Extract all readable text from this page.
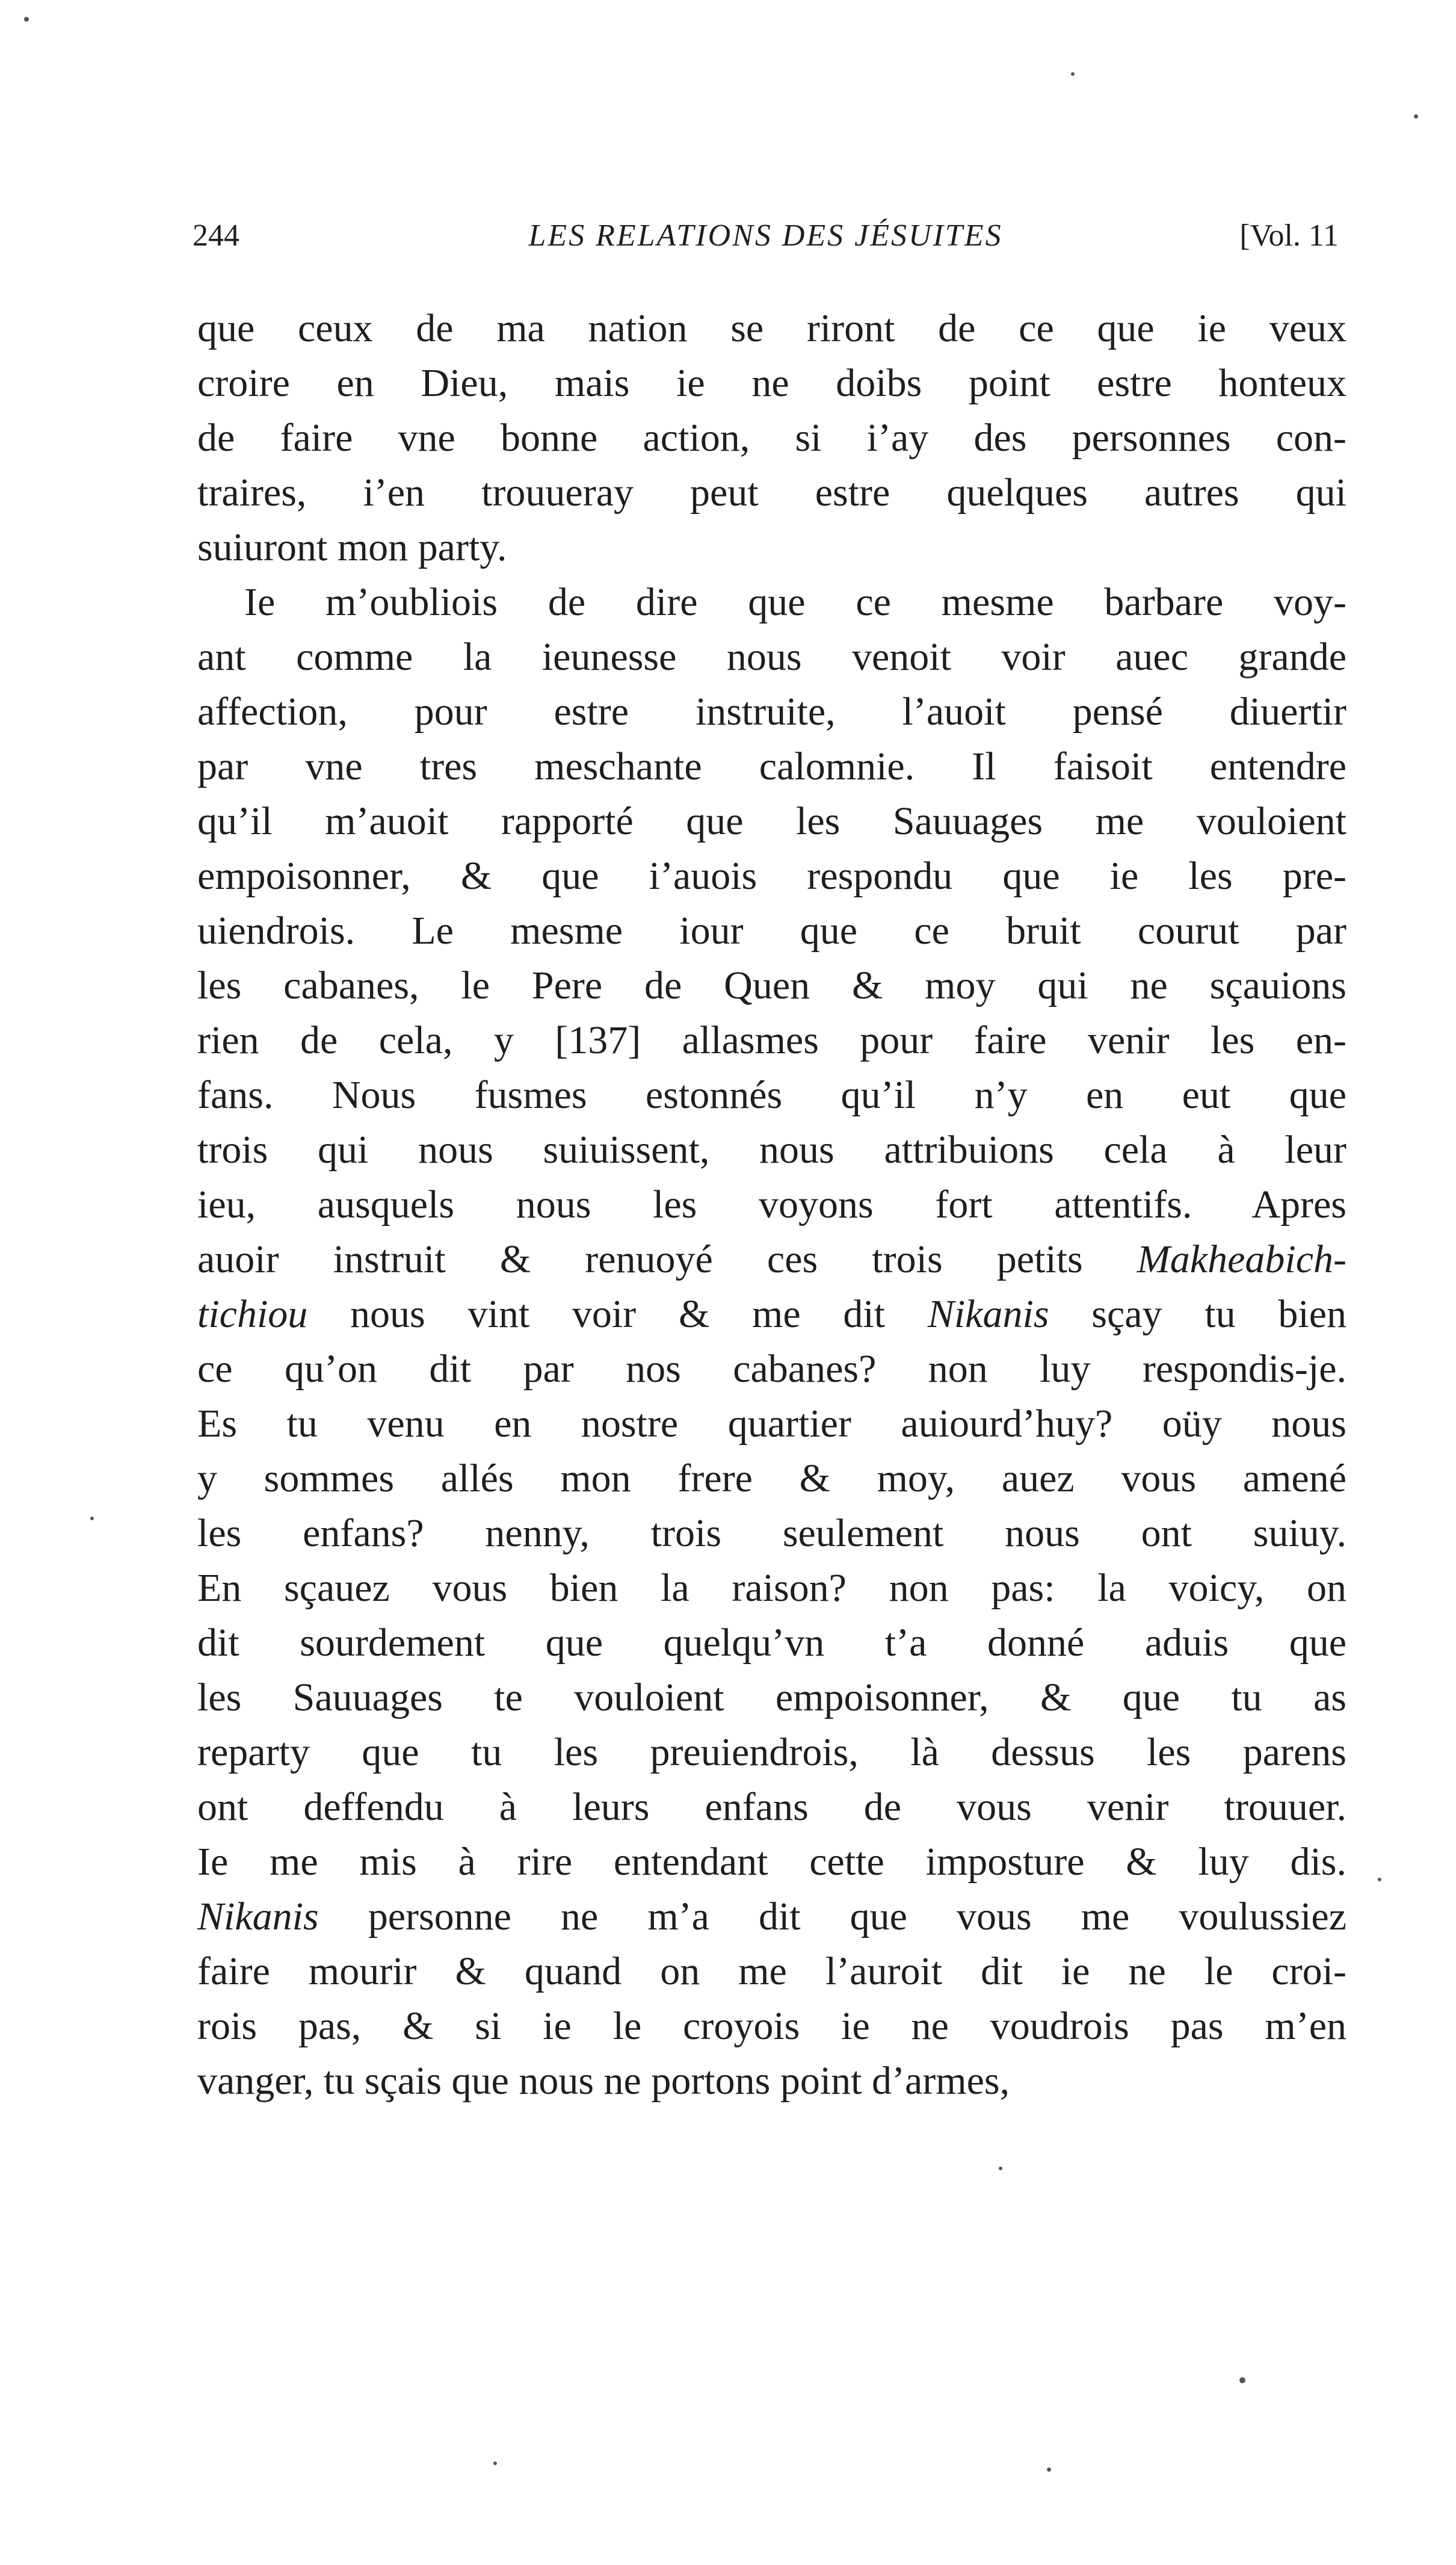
244	LES RELATIONS DES JÉSUITES	[Vol. 11
que ceux de ma nation se riront de ce que ie veux
croire en Dieu, mais ie ne doibs point estre honteux
de faire vne bonne action, si i’ay des personnes con-
traires, i’en trouueray peut estre quelques autres qui
suiuront mon party.
Ie m’oubliois de dire que ce mesme barbare voy-
ant comme la ieunesse nous venoit voir auec grande
affection, pour estre instruite, l’auoit pensé diuertir
par vne tres meschante calomnie. Il faisoit entendre
qu’il m’auoit rapporté que les Sauuages me vouloient
empoisonner, & que i’auois respondu que ie les pre-
uiendrois. Le mesme iour que ce bruit courut par
les cabanes, le Pere de Quen & moy qui ne sçauions
rien de cela, y [137] allasmes pour faire venir les en-
fans. Nous fusmes estonnés qu’il n’y en eut que
trois qui nous suiuissent, nous attribuions cela à leur
ieu, ausquels nous les voyons fort attentifs. Apres
auoir instruit & renuoyé ces trois petits Makheabich-
tichiou nous vint voir & me dit Nikanis sçay tu bien
ce qu’on dit par nos cabanes? non luy respondis-je.
Es tu venu en nostre quartier auiourd’huy? oüy nous
y sommes allés mon frere & moy, auez vous amené
les enfans? nenny, trois seulement nous ont suiuy.
En sçauez vous bien la raison? non pas: la voicy, on
dit sourdement que quelqu’vn t’a donné aduis que
les Sauuages te vouloient empoisonner, & que tu as
reparty que tu les preuiendrois, là dessus les parens
ont deffendu à leurs enfans de vous venir trouuer.
Ie me mis à rire entendant cette imposture & luy dis.
Nikanis personne ne m’a dit que vous me voulussiez
faire mourir & quand on me l’auroit dit ie ne le croi-
rois pas, & si ie le croyois ie ne voudrois pas m’en
vanger, tu sçais que nous ne portons point d’armes,
